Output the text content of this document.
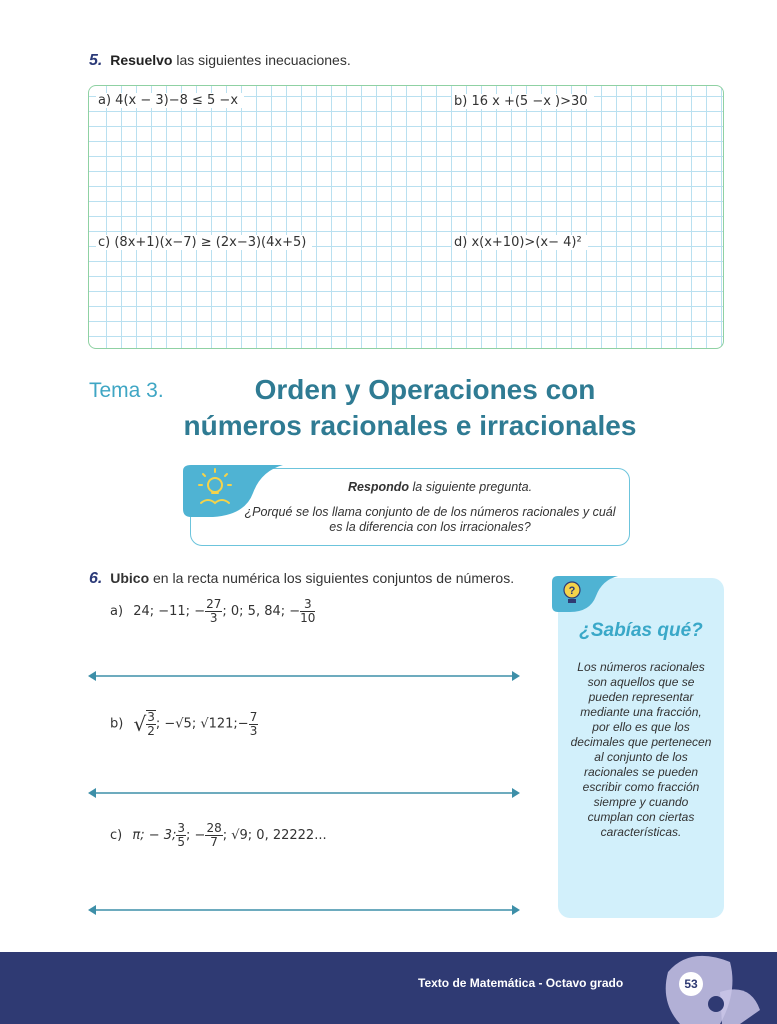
5. Resuelvo las siguientes inecuaciones.
a) 4(x − 3)−8 ≤ 5 −x	b) 16 x +(5 −x )>30
c) (8x+1)(x−7) ≥ (2x−3)(4x+5)	d) x(x+10)>(x− 4)²
Tema 3.	Orden y Operaciones con
números racionales e irracionales
Respondo la siguiente pregunta.
¿Porqué se los llama conjunto de de los números racionales y cuál es la diferencia con los irracionales?
6. Ubico en la recta numérica los siguientes conjuntos de números.
a) 24; −11; − $\frac{27}{3}$ ; 0; 5, 84; − $\frac{3}{10}$
b) √ $\frac{3}{2}$ ; −√5; √121;− $\frac{7}{3}$
c) π; − 3; $\frac{3}{5}$ ; − $\frac{28}{7}$ ; √9; 0, 22222...
?
¿Sabías qué?
Los números racionales son aquellos que se pueden representar mediante una fracción, por ello es que los decimales que pertenecen al conjunto de los racionales se pueden escribir como fracción siempre y cuando cumplan con ciertas características.
Texto de Matemática - Octavo grado	53
